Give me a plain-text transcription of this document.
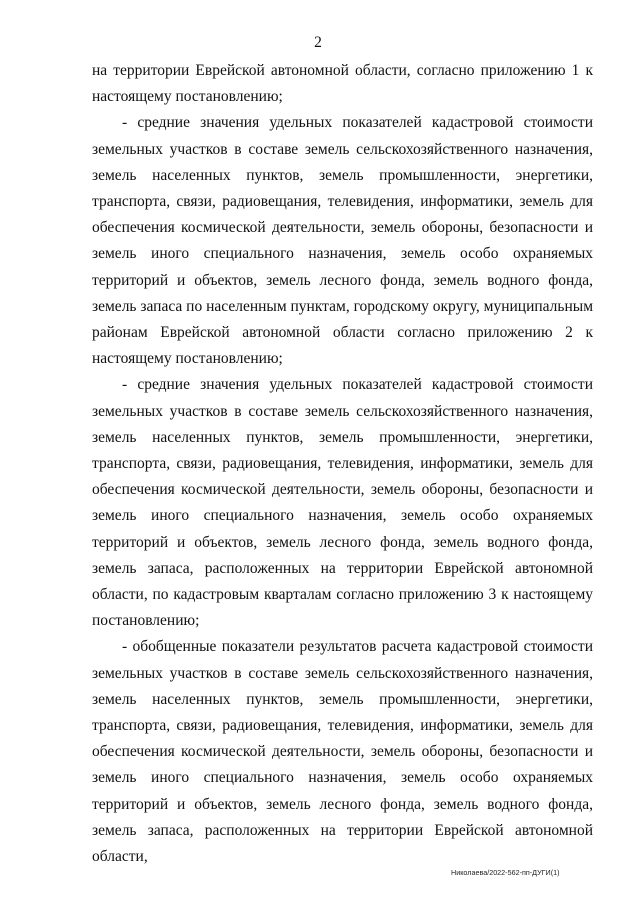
2

на территории Еврейской автономной области, согласно приложению 1 к настоящему постановлению;

- средние значения удельных показателей кадастровой стоимости земельных участков в составе земель сельскохозяйственного назначения, земель населенных пунктов, земель промышленности, энергетики, транспорта, связи, радиовещания, телевидения, информатики, земель для обеспечения космической деятельности, земель обороны, безопасности и земель иного специального назначения, земель особо охраняемых территорий и объектов, земель лесного фонда, земель водного фонда, земель запаса по населенным пунктам, городскому округу, муниципальным районам Еврейской автономной области согласно приложению 2 к настоящему постановлению;

- средние значения удельных показателей кадастровой стоимости земельных участков в составе земель сельскохозяйственного назначения, земель населенных пунктов, земель промышленности, энергетики, транспорта, связи, радиовещания, телевидения, информатики, земель для обеспечения космической деятельности, земель обороны, безопасности и земель иного специального назначения, земель особо охраняемых территорий и объектов, земель лесного фонда, земель водного фонда, земель запаса, расположенных на территории Еврейской автономной области, по кадастровым кварталам согласно приложению 3 к настоящему постановлению;

- обобщенные показатели результатов расчета кадастровой стоимости земельных участков в составе земель сельскохозяйственного назначения, земель населенных пунктов, земель промышленности, энергетики, транспорта, связи, радиовещания, телевидения, информатики, земель для обеспечения космической деятельности, земель обороны, безопасности и земель иного специального назначения, земель особо охраняемых территорий и объектов, земель лесного фонда, земель водного фонда, земель запаса, расположенных на территории Еврейской автономной области,

Николаева/2022-562-пп-ДУГИ(1)
